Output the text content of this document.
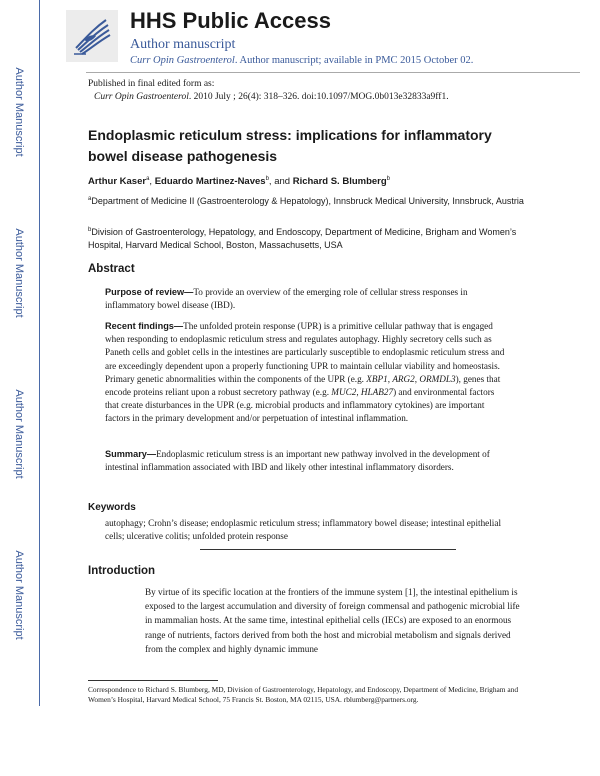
Author Manuscript
Author Manuscript
Author Manuscript
Author Manuscript
HHS Public Access
Author manuscript
Curr Opin Gastroenterol. Author manuscript; available in PMC 2015 October 02.
Published in final edited form as:
Curr Opin Gastroenterol. 2010 July ; 26(4): 318–326. doi:10.1097/MOG.0b013e32833a9ff1.
Endoplasmic reticulum stress: implications for inflammatory bowel disease pathogenesis
Arthur Kaser$^a$, Eduardo Martinez-Naves$^b$, and Richard S. Blumberg$^b$
$^a$Department of Medicine II (Gastroenterology & Hepatology), Innsbruck Medical University, Innsbruck, Austria
$^b$Division of Gastroenterology, Hepatology, and Endoscopy, Department of Medicine, Brigham and Women’s Hospital, Harvard Medical School, Boston, Massachusetts, USA
Abstract
Purpose of review—To provide an overview of the emerging role of cellular stress responses in inflammatory bowel disease (IBD).
Recent findings—The unfolded protein response (UPR) is a primitive cellular pathway that is engaged when responding to endoplasmic reticulum stress and regulates autophagy. Highly secretory cells such as Paneth cells and goblet cells in the intestines are particularly susceptible to endoplasmic reticulum stress and are exceedingly dependent upon a properly functioning UPR to maintain cellular viability and homeostasis. Primary genetic abnormalities within the components of the UPR (e.g. XBP1, ARG2, ORMDL3), genes that encode proteins reliant upon a robust secretory pathway (e.g. MUC2, HLAB27) and environmental factors that create disturbances in the UPR (e.g. microbial products and inflammatory cytokines) are important factors in the primary development and/or perpetuation of intestinal inflammation.
Summary—Endoplasmic reticulum stress is an important new pathway involved in the development of intestinal inflammation associated with IBD and likely other intestinal inflammatory disorders.
Keywords
autophagy; Crohn’s disease; endoplasmic reticulum stress; inflammatory bowel disease; intestinal epithelial cells; ulcerative colitis; unfolded protein response
Introduction
By virtue of its specific location at the frontiers of the immune system [1], the intestinal epithelium is exposed to the largest accumulation and diversity of foreign commensal and pathogenic microbial life in mammalian hosts. At the same time, intestinal epithelial cells (IECs) are exposed to an enormous range of nutrients, factors derived from both the host and microbial metabolism and signals derived from the complex and highly dynamic immune
Correspondence to Richard S. Blumberg, MD, Division of Gastroenterology, Hepatology, and Endoscopy, Department of Medicine, Brigham and Women’s Hospital, Harvard Medical School, 75 Francis St. Boston, MA 02115, USA. rblumberg@partners.org.
